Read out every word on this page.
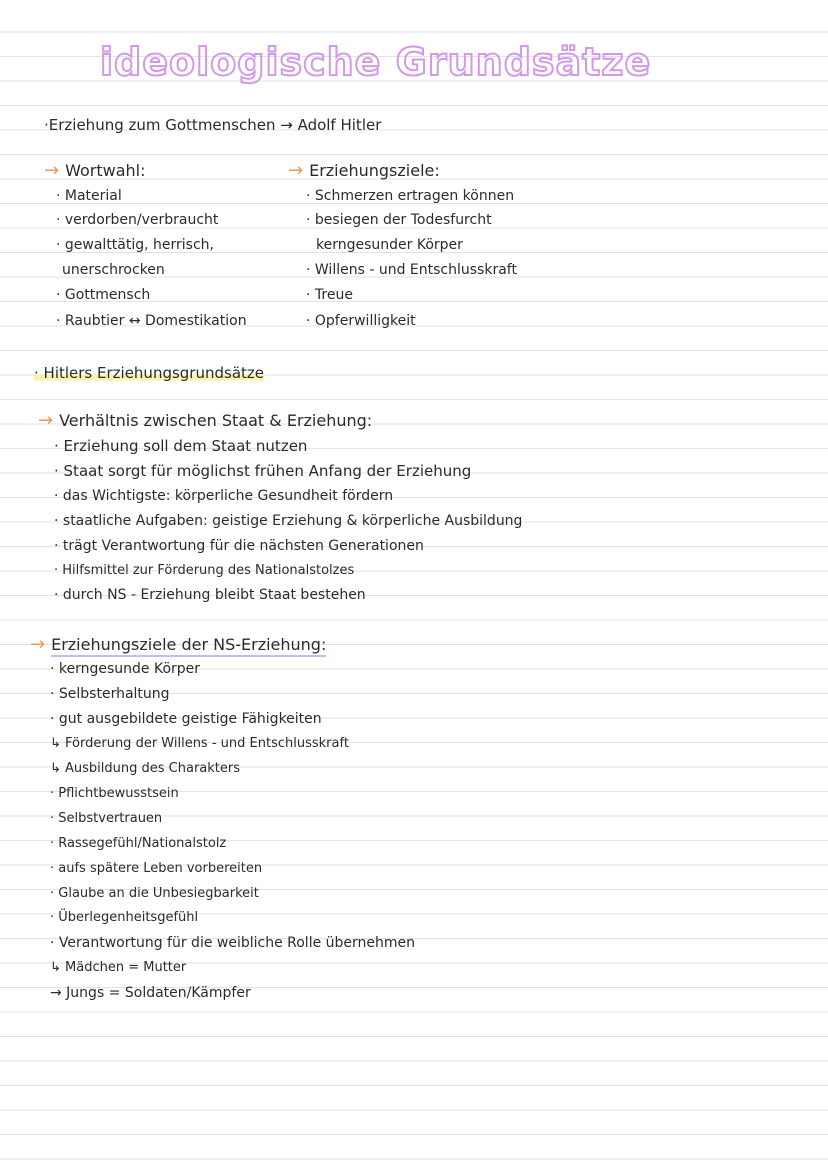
ideologische Grundsätze
·Erziehung zum Gottmenschen → Adolf Hitler
→ Wortwahl:
· Material
· verdorben/verbraucht
· gewalttätig, herrisch,
unerschrocken
· Gottmensch
· Raubtier ↔ Domestikation
→ Erziehungsziele:
· Schmerzen ertragen können
· besiegen der Todesfurcht
kerngesunder Körper
· Willens - und Entschlusskraft
· Treue
· Opferwilligkeit
· Hitlers Erziehungsgrundsätze
→ Verhältnis zwischen Staat & Erziehung:
· Erziehung soll dem Staat nutzen
· Staat sorgt für möglichst frühen Anfang der Erziehung
· das Wichtigste: körperliche Gesundheit fördern
· staatliche Aufgaben: geistige Erziehung & körperliche Ausbildung
· trägt Verantwortung für die nächsten Generationen
· Hilfsmittel zur Förderung des Nationalstolzes
· durch NS - Erziehung bleibt Staat bestehen
→ Erziehungsziele der NS-Erziehung:
· kerngesunde Körper
· Selbsterhaltung
· gut ausgebildete geistige Fähigkeiten
↳ Förderung der Willens - und Entschlusskraft
↳ Ausbildung des Charakters
· Pflichtbewusstsein
· Selbstvertrauen
· Rassegefühl/Nationalstolz
· aufs spätere Leben vorbereiten
· Glaube an die Unbesiegbarkeit
· Überlegenheitsgefühl
· Verantwortung für die weibliche Rolle übernehmen
↳ Mädchen = Mutter
→ Jungs = Soldaten/Kämpfer
